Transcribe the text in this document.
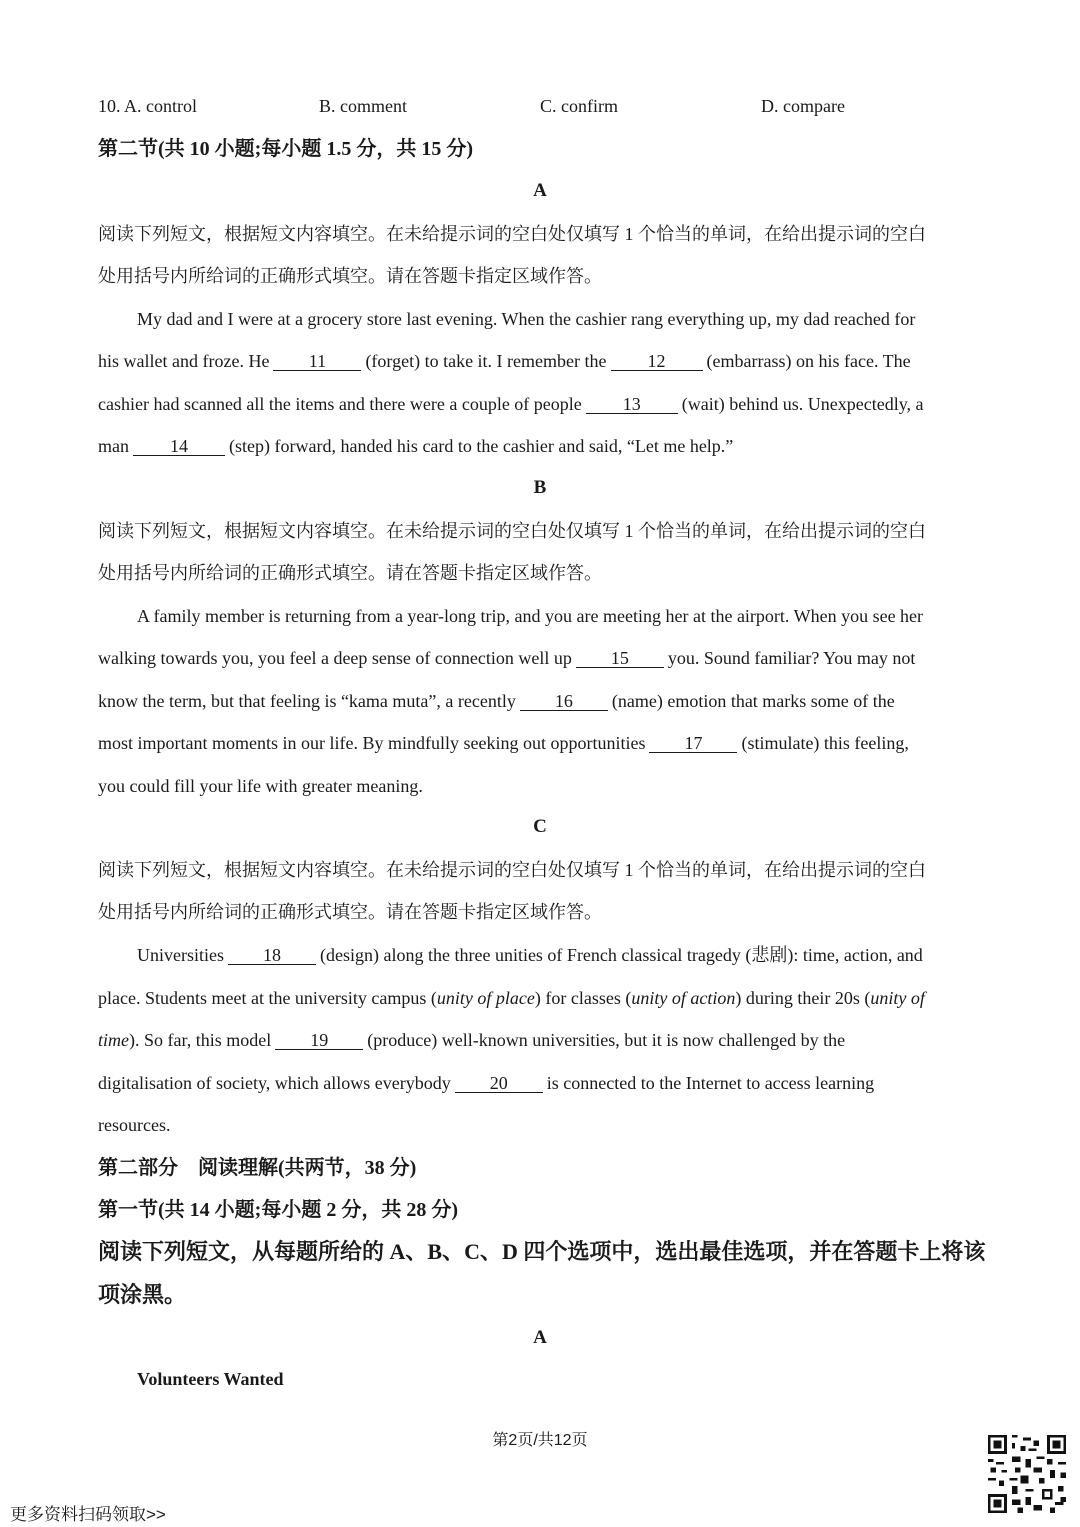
10. A. control	B. comment	C. confirm	D. compare
第二节(共 10 小题;每小题 1.5 分，共 15 分)
A
阅读下列短文，根据短文内容填空。在未给提示词的空白处仅填写 1 个恰当的单词，在给出提示词的空白
处用括号内所给词的正确形式填空。请在答题卡指定区域作答。
My dad and I were at a grocery store last evening. When the cashier rang everything up, my dad reached for
his wallet and froze. He 11 (forget) to take it. I remember the 12 (embarrass) on his face. The
cashier had scanned all the items and there were a couple of people 13 (wait) behind us. Unexpectedly, a
man 14 (step) forward, handed his card to the cashier and said, “Let me help.”
B
阅读下列短文，根据短文内容填空。在未给提示词的空白处仅填写 1 个恰当的单词，在给出提示词的空白
处用括号内所给词的正确形式填空。请在答题卡指定区域作答。
A family member is returning from a year-long trip, and you are meeting her at the airport. When you see her
walking towards you, you feel a deep sense of connection well up 15 you. Sound familiar? You may not
know the term, but that feeling is “kama muta”, a recently 16 (name) emotion that marks some of the
most important moments in our life. By mindfully seeking out opportunities 17 (stimulate) this feeling,
you could fill your life with greater meaning.
C
阅读下列短文，根据短文内容填空。在未给提示词的空白处仅填写 1 个恰当的单词，在给出提示词的空白
处用括号内所给词的正确形式填空。请在答题卡指定区域作答。
Universities 18 (design) along the three unities of French classical tragedy (悲剧): time, action, and
place. Students meet at the university campus (unity of place) for classes (unity of action) during their 20s (unity of
time). So far, this model 19 (produce) well-known universities, but it is now challenged by the
digitalisation of society, which allows everybody 20 is connected to the Internet to access learning
resources.
第二部分　阅读理解(共两节，38 分)
第一节(共 14 小题;每小题 2 分，共 28 分)
阅读下列短文，从每题所给的 A、B、C、D 四个选项中，选出最佳选项，并在答题卡上将该
项涂黑。
A
Volunteers Wanted
第2页/共12页
更多资料扫码领取>>
